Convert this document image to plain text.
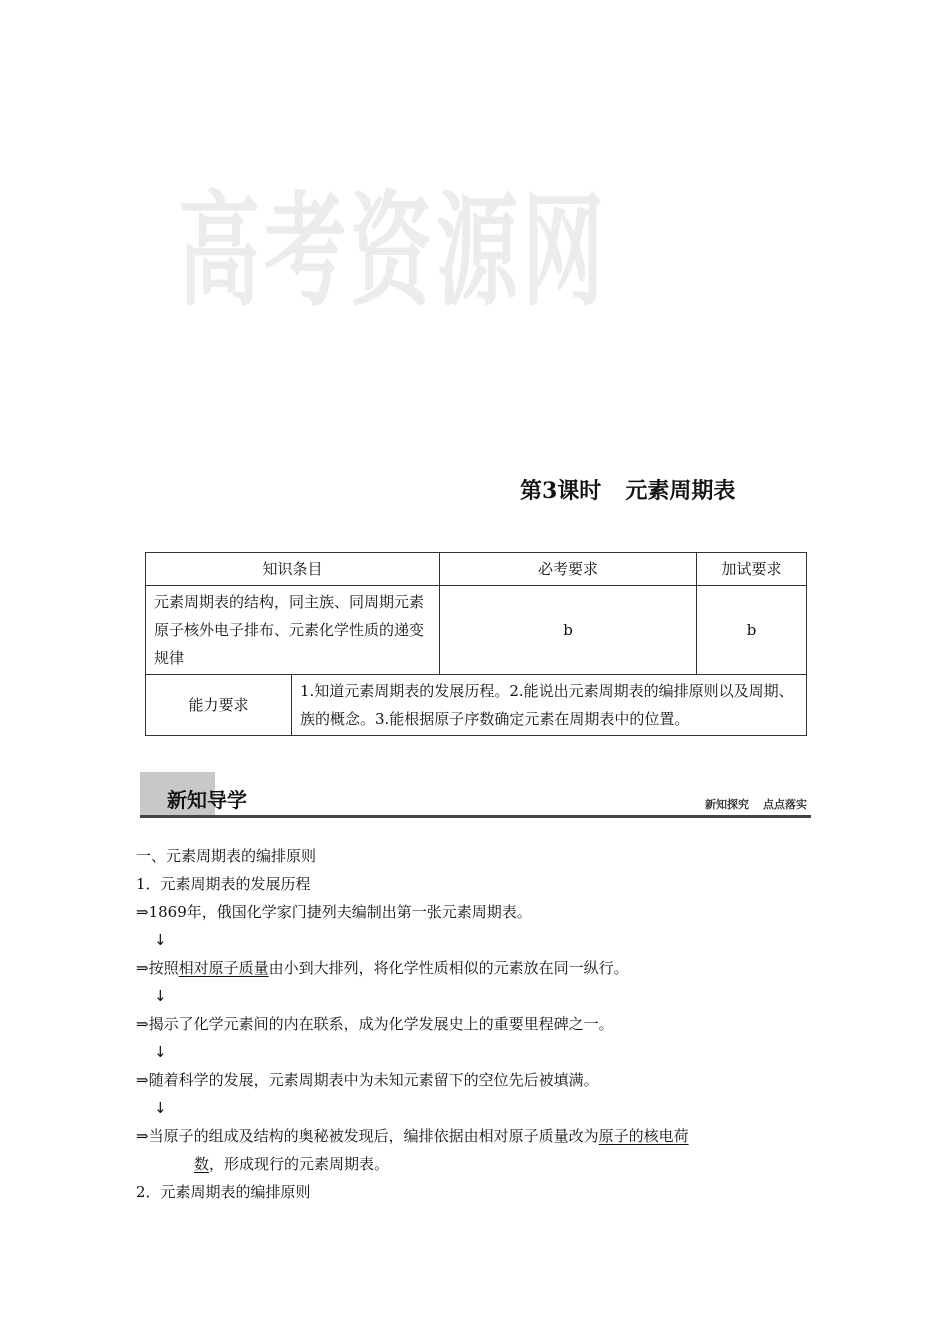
高考资源网
第3课时 元素周期表
知识条目		必考要求	加试要求
元素周期表的结构，同主族、同周期元素原子核外电子排布、元素化学性质的递变规律		b	b
能力要求	1.知道元素周期表的发展历程。2.能说出元素周期表的编排原则以及周期、族的概念。3.能根据原子序数确定元素在周期表中的位置。		
新知导学	新知探究 点点落实
一、元素周期表的编排原则
1．元素周期表的发展历程
⇒1869年，俄国化学家门捷列夫编制出第一张元素周期表。
↓
⇒按照相对原子质量由小到大排列，将化学性质相似的元素放在同一纵行。
↓
⇒揭示了化学元素间的内在联系，成为化学发展史上的重要里程碑之一。
↓
⇒随着科学的发展，元素周期表中为未知元素留下的空位先后被填满。
↓
⇒当原子的组成及结构的奥秘被发现后，编排依据由相对原子质量改为原子的核电荷
数，形成现行的元素周期表。
2．元素周期表的编排原则
